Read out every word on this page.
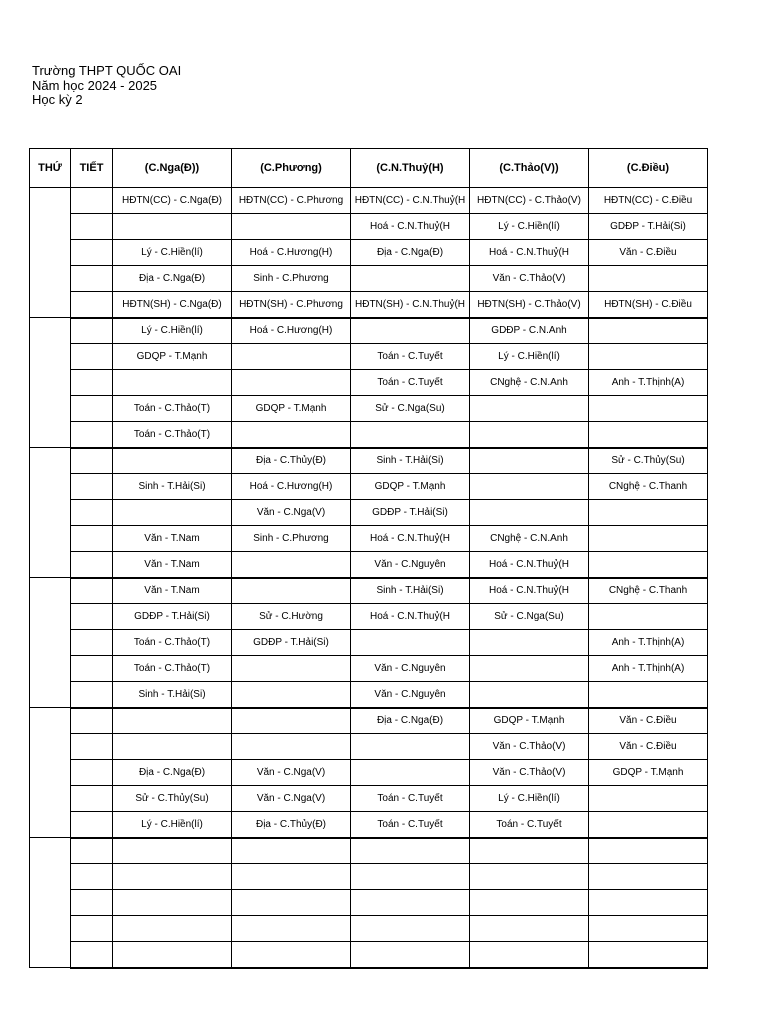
Trường THPT QUỐC OAI
Năm học 2024 - 2025
Học kỳ 2
THỨ	TIẾT	(C.Nga(Đ))	(C.Phương)	(C.N.Thuỷ(H)	(C.Thảo(V))	(C.Điều)
		HĐTN(CC) - C.Nga(Đ)	HĐTN(CC) - C.Phương	HĐTN(CC) - C.N.Thuỷ(H	HĐTN(CC) - C.Thảo(V)	HĐTN(CC) - C.Điều
				Hoá - C.N.Thuỷ(H	Lý - C.Hiền(lí)	GDĐP - T.Hải(Si)
		Lý - C.Hiền(lí)	Hoá - C.Hương(H)	Địa - C.Nga(Đ)	Hoá - C.N.Thuỷ(H	Văn - C.Điều
		Địa - C.Nga(Đ)	Sinh - C.Phương		Văn - C.Thảo(V)	
		HĐTN(SH) - C.Nga(Đ)	HĐTN(SH) - C.Phương	HĐTN(SH) - C.N.Thuỷ(H	HĐTN(SH) - C.Thảo(V)	HĐTN(SH) - C.Điều
		Lý - C.Hiền(lí)	Hoá - C.Hương(H)		GDĐP - C.N.Anh	
		GDQP - T.Mạnh		Toán - C.Tuyết	Lý - C.Hiền(lí)	
				Toán - C.Tuyết	CNghệ - C.N.Anh	Anh - T.Thịnh(A)
		Toán - C.Thảo(T)	GDQP - T.Mạnh	Sử - C.Nga(Su)		
		Toán - C.Thảo(T)				
			Địa - C.Thủy(Đ)	Sinh - T.Hải(Si)		Sử - C.Thủy(Su)
		Sinh - T.Hải(Si)	Hoá - C.Hương(H)	GDQP - T.Mạnh		CNghệ - C.Thanh
			Văn - C.Nga(V)	GDĐP - T.Hải(Si)		
		Văn - T.Nam	Sinh - C.Phương	Hoá - C.N.Thuỷ(H	CNghệ - C.N.Anh	
		Văn - T.Nam		Văn - C.Nguyên	Hoá - C.N.Thuỷ(H	
		Văn - T.Nam		Sinh - T.Hải(Si)	Hoá - C.N.Thuỷ(H	CNghệ - C.Thanh
		GDĐP - T.Hải(Si)	Sử - C.Hường	Hoá - C.N.Thuỷ(H	Sử - C.Nga(Su)	
		Toán - C.Thảo(T)	GDĐP - T.Hải(Si)			Anh - T.Thịnh(A)
		Toán - C.Thảo(T)		Văn - C.Nguyên		Anh - T.Thịnh(A)
		Sinh - T.Hải(Si)		Văn - C.Nguyên		
				Địa - C.Nga(Đ)	GDQP - T.Mạnh	Văn - C.Điều
					Văn - C.Thảo(V)	Văn - C.Điều
		Địa - C.Nga(Đ)	Văn - C.Nga(V)		Văn - C.Thảo(V)	GDQP - T.Mạnh
		Sử - C.Thủy(Su)	Văn - C.Nga(V)	Toán - C.Tuyết	Lý - C.Hiền(lí)	
		Lý - C.Hiền(lí)	Địa - C.Thủy(Đ)	Toán - C.Tuyết	Toán - C.Tuyết	
